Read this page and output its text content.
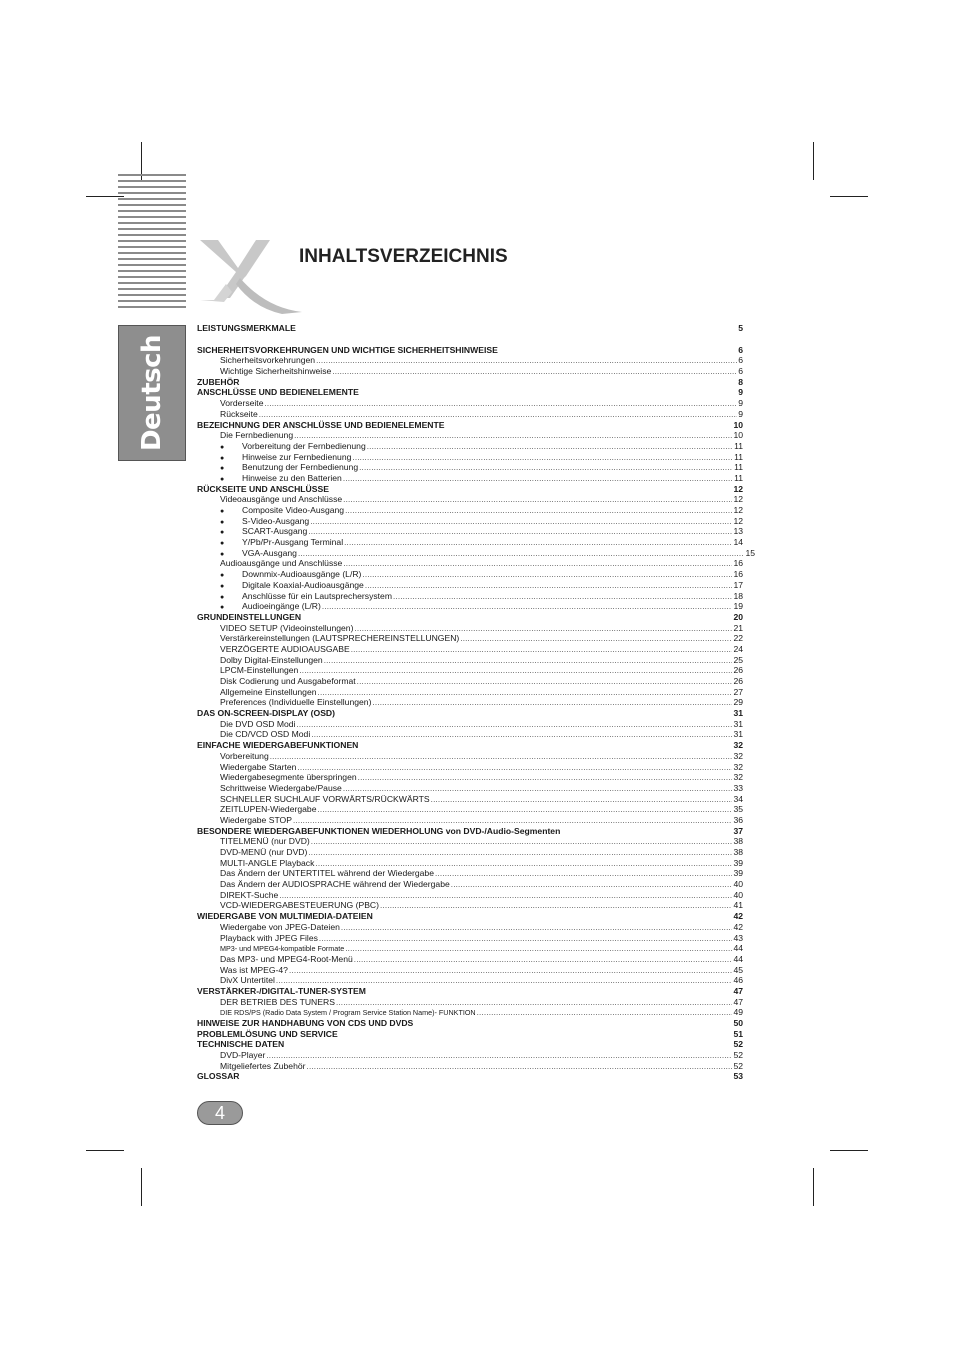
Deutsch
INHALTSVERZEICHNIS
LEISTUNGSMERKMALE	5
SICHERHEITSVORKEHRUNGEN UND WICHTIGE SICHERHEITSHINWEISE	6
Sicherheitsvorkehrungen .....	6
Wichtige Sicherheitshinweise .....	6
ZUBEHÖR	8
ANSCHLÜSSE UND BEDIENELEMENTE	9
Vorderseite .....	9
Rückseite .....	9
BEZEICHNUNG DER ANSCHLÜSSE UND BEDIENELEMENTE	10
Die Fernbedienung .....	10
●	Vorbereitung der Fernbedienung .....	11
●	Hinweise zur Fernbedienung .....	11
●	Benutzung der Fernbedienung .....	11
●	Hinweise zu den Batterien .....	11
RÜCKSEITE UND ANSCHLÜSSE	12
Videoausgänge und Anschlüsse .....	12
●	Composite Video-Ausgang .....	12
●	S-Video-Ausgang .....	12
●	SCART-Ausgang .....	13
●	Y/Pb/Pr-Ausgang Terminal .....	14
●	VGA-Ausgang .....	15
Audioausgänge und Anschlüsse .....	16
●	Downmix-Audioausgänge (L/R) .....	16
●	Digitale Koaxial-Audioausgänge .....	17
●	Anschlüsse für ein Lautsprechersystem .....	18
●	Audioeingänge (L/R) .....	19
GRUNDEINSTELLUNGEN	20
VIDEO SETUP (Videoinstellungen) .....	21
Verstärkereinstellungen (LAUTSPRECHEREINSTELLUNGEN) .....	22
VERZÖGERTE AUDIOAUSGABE .....	24
Dolby Digital-Einstellungen .....	25
LPCM-Einstellungen .....	26
Disk Codierung und Ausgabeformat .....	26
Allgemeine Einstellungen .....	27
Preferences (Individuelle Einstellungen) .....	29
DAS ON-SCREEN-DISPLAY (OSD)	31
Die DVD OSD Modi .....	31
Die CD/VCD OSD Modi .....	31
EINFACHE WIEDERGABEFUNKTIONEN	32
Vorbereitung .....	32
Wiedergabe Starten .....	32
Wiedergabesegmente überspringen .....	32
Schrittweise Wiedergabe/Pause .....	33
SCHNELLER SUCHLAUF VORWÄRTS/RÜCKWÄRTS .....	34
ZEITLUPEN-Wiedergabe .....	35
Wiedergabe STOP .....	36
BESONDERE WIEDERGABEFUNKTIONEN WIEDERHOLUNG von DVD-/Audio-Segmenten	37
TITELMENÜ (nur DVD) .....	38
DVD-MENÜ (nur DVD) .....	38
MULTI-ANGLE Playback .....	39
Das Ändern der UNTERTITEL während der Wiedergabe .....	39
Das Ändern der AUDIOSPRACHE während der Wiedergabe .....	40
DIREKT-Suche .....	40
VCD-WIEDERGABESTEUERUNG (PBC) .....	41
WIEDERGABE VON MULTIMEDIA-DATEIEN	42
Wiedergabe von JPEG-Dateien .....	42
Playback with JPEG Files .....	43
MP3- und MPEG4-kompatible Formate .....	44
Das MP3- und MPEG4-Root-Menü .....	44
Was ist MPEG-4? .....	45
DivX Untertitel .....	46
VERSTÄRKER-/DIGITAL-TUNER-SYSTEM	47
DER BETRIEB DES TUNERS .....	47
DIE RDS/PS (Radio Data System / Program Service Station Name)- FUNKTION .....	49
HINWEISE ZUR HANDHABUNG VON CDS UND DVDS	50
PROBLEMLÖSUNG UND SERVICE	51
TECHNISCHE DATEN	52
DVD-Player .....	52
Mitgeliefertes Zubehör .....	52
GLOSSAR	53
4
